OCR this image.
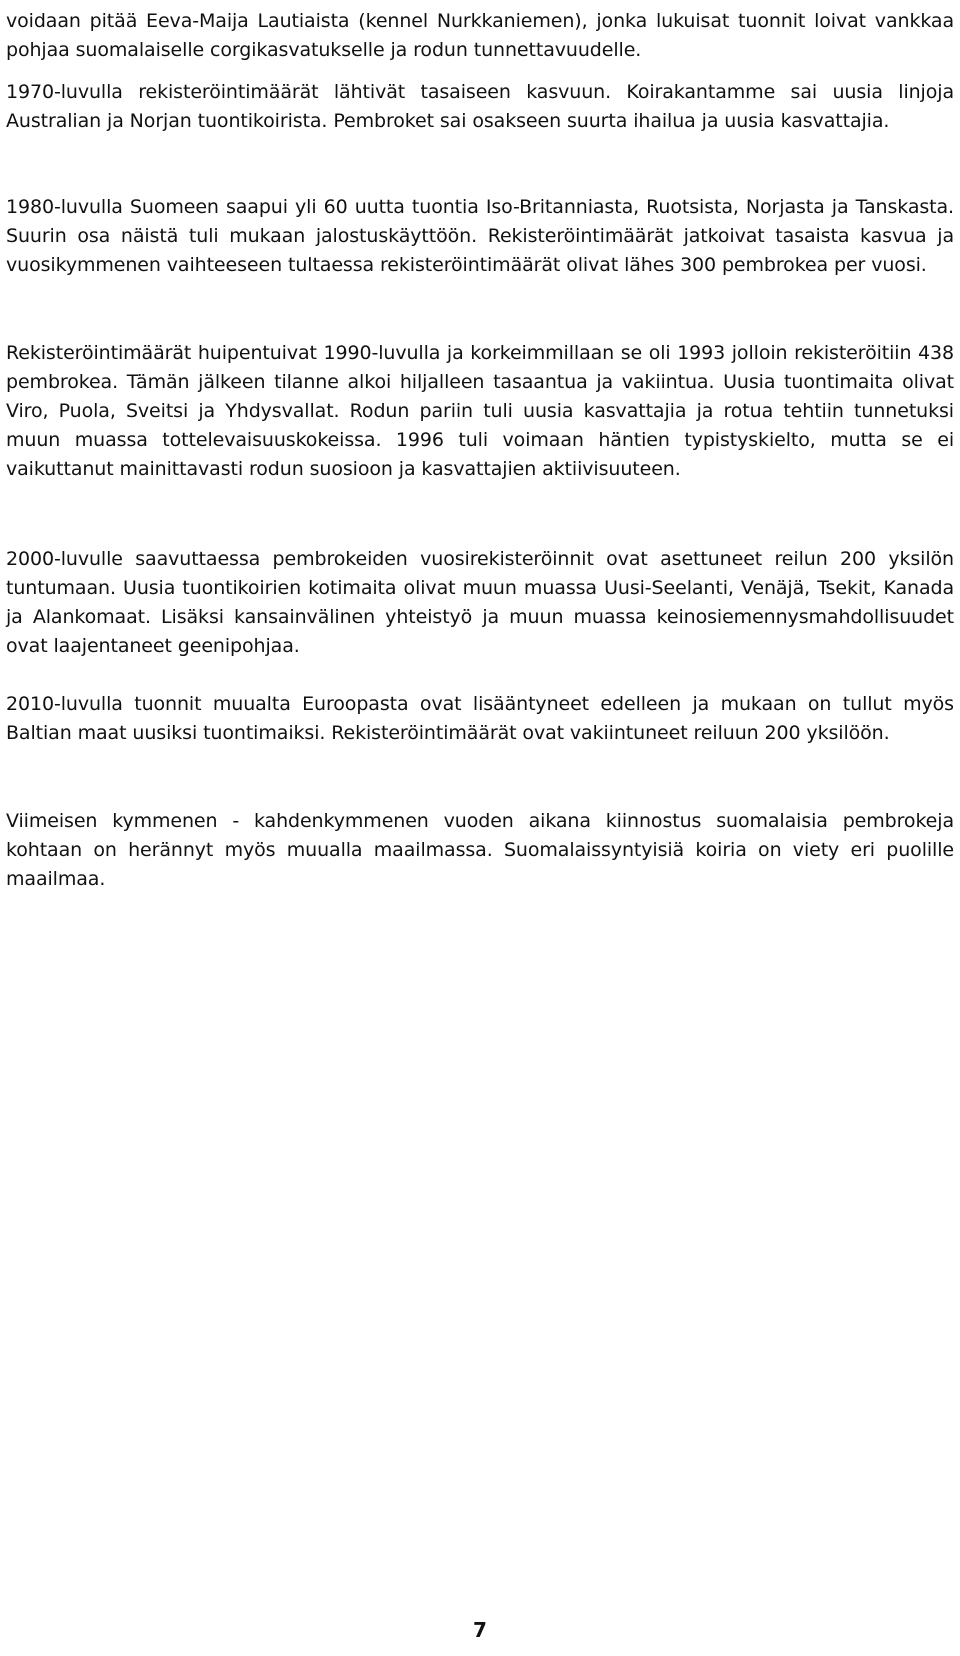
voidaan pitää Eeva-Maija Lautiaista (kennel Nurkkaniemen), jonka lukuisat tuonnit loivat vankkaa pohjaa suomalaiselle corgikasvatukselle ja rodun tunnettavuudelle.

1970-luvulla rekisteröintimäärät lähtivät tasaiseen kasvuun. Koirakantamme sai uusia linjoja Australian ja Norjan tuontikoirista. Pembroket sai osakseen suurta ihailua ja uusia kasvattajia.

1980-luvulla Suomeen saapui yli 60 uutta tuontia Iso-Britanniasta, Ruotsista, Norjasta ja Tanskasta. Suurin osa näistä tuli mukaan jalostuskäyttöön. Rekisteröintimäärät jatkoivat tasaista kasvua ja vuosikymmenen vaihteeseen tultaessa rekisteröintimäärät olivat lähes 300 pembrokea per vuosi.

Rekisteröintimäärät huipentuivat 1990-luvulla ja korkeimmillaan se oli 1993 jolloin rekisteröitiin 438 pembrokea. Tämän jälkeen tilanne alkoi hiljalleen tasaantua ja vakiintua. Uusia tuontimaita olivat Viro, Puola, Sveitsi ja Yhdysvallat. Rodun pariin tuli uusia kasvattajia ja rotua tehtiin tunnetuksi muun muassa tottelevaisuuskokeissa. 1996 tuli voimaan häntien typistyskielto, mutta se ei vaikuttanut mainittavasti rodun suosioon ja kasvattajien aktiivisuuteen.

2000-luvulle saavuttaessa pembrokeiden vuosirekisteröinnit ovat asettuneet reilun 200 yksilön tuntumaan. Uusia tuontikoirien kotimaita olivat muun muassa Uusi-Seelanti, Venäjä, Tsekit, Kanada ja Alankomaat. Lisäksi kansainvälinen yhteistyö ja muun muassa keinosiemennysmahdollisuudet ovat laajentaneet geenipohjaa.

2010-luvulla tuonnit muualta Euroopasta ovat lisääntyneet edelleen ja mukaan on tullut myös Baltian maat uusiksi tuontimaiksi. Rekisteröintimäärät ovat vakiintuneet reiluun 200 yksilöön.

Viimeisen kymmenen - kahdenkymmenen vuoden aikana kiinnostus suomalaisia pembrokeja kohtaan on herännyt myös muualla maailmassa. Suomalaissyntyisiä koiria on viety eri puolille maailmaa.

7
